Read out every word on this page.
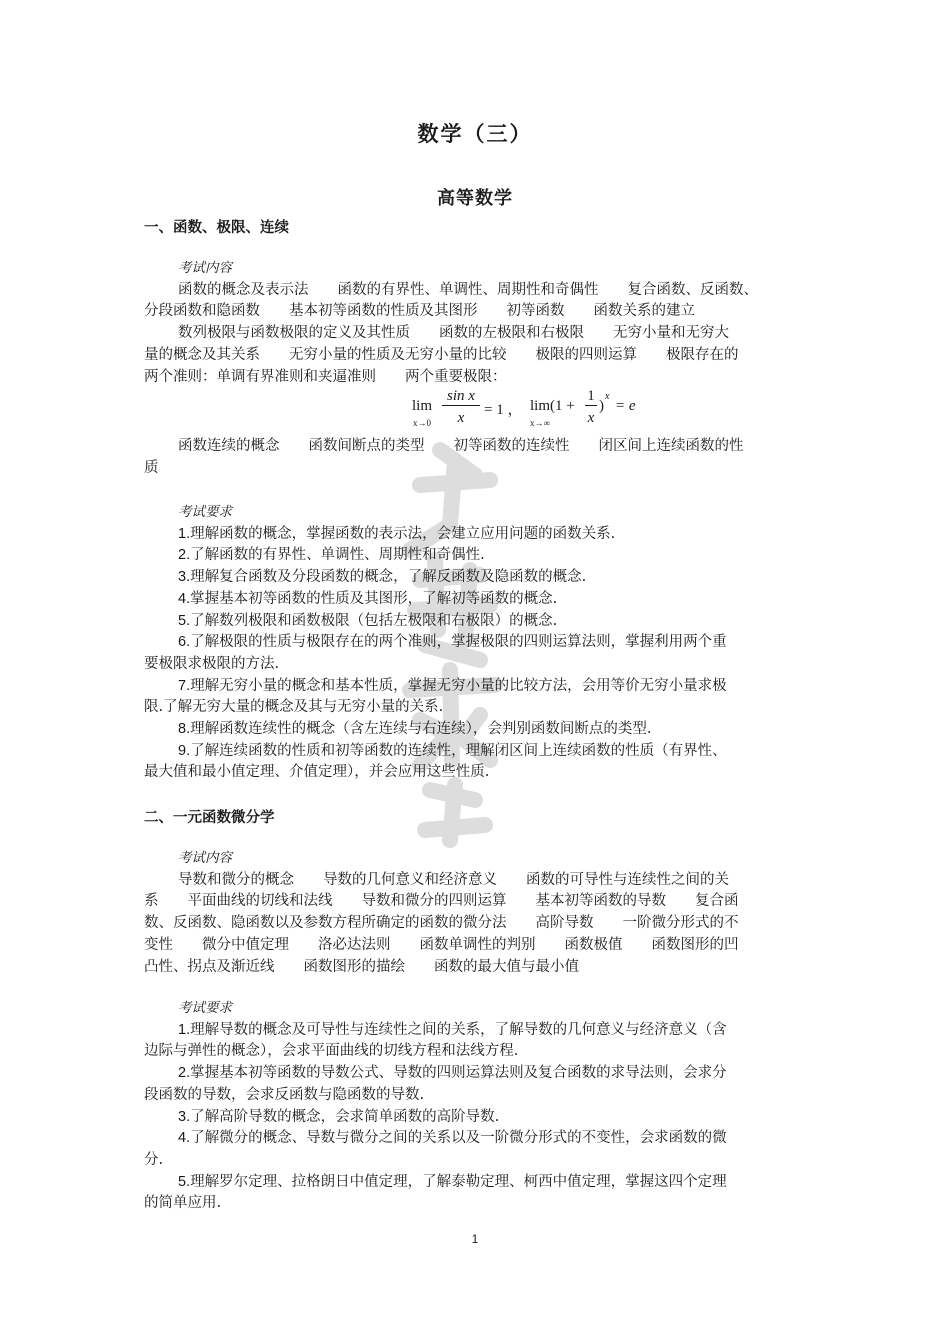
数学（三）
高等数学
一、函数、极限、连续

考试内容

函数的概念及表示法　　函数的有界性、单调性、周期性和奇偶性　　复合函数、反函数、

分段函数和隐函数　　基本初等函数的性质及其图形　　初等函数　　函数关系的建立

数列极限与函数极限的定义及其性质　　函数的左极限和右极限　　无穷小量和无穷大

量的概念及其关系　　无穷小量的性质及无穷小量的比较　　极限的四则运算　　极限存在的

两个准则：单调有界准则和夹逼准则　　两个重要极限：

lim
x→0
sin x
x	= 1 ， lim(1 +
x→∞
1
x
)
x
= e

函数连续的概念　　函数间断点的类型　　初等函数的连续性　　闭区间上连续函数的性

质

考试要求

1.理解函数的概念，掌握函数的表示法，会建立应用问题的函数关系.

2.了解函数的有界性、单调性、周期性和奇偶性.

3.理解复合函数及分段函数的概念，了解反函数及隐函数的概念.

4.掌握基本初等函数的性质及其图形，了解初等函数的概念.

5.了解数列极限和函数极限（包括左极限和右极限）的概念.

6.了解极限的性质与极限存在的两个准则，掌握极限的四则运算法则，掌握利用两个重

要极限求极限的方法.

7.理解无穷小量的概念和基本性质，掌握无穷小量的比较方法，会用等价无穷小量求极

限.了解无穷大量的概念及其与无穷小量的关系.

8.理解函数连续性的概念（含左连续与右连续），会判别函数间断点的类型.

9.了解连续函数的性质和初等函数的连续性，理解闭区间上连续函数的性质（有界性、

最大值和最小值定理、介值定理），并会应用这些性质.

二、一元函数微分学

考试内容

导数和微分的概念　　导数的几何意义和经济意义　　函数的可导性与连续性之间的关

系　　平面曲线的切线和法线　　导数和微分的四则运算　　基本初等函数的导数　　复合函

数、反函数、隐函数以及参数方程所确定的函数的微分法　　高阶导数　　一阶微分形式的不

变性　　微分中值定理　　洛必达法则　　函数单调性的判别　　函数极值　　函数图形的凹

凸性、拐点及渐近线　　函数图形的描绘　　函数的最大值与最小值

考试要求

1.理解导数的概念及可导性与连续性之间的关系，了解导数的几何意义与经济意义（含

边际与弹性的概念），会求平面曲线的切线方程和法线方程.

2.掌握基本初等函数的导数公式、导数的四则运算法则及复合函数的求导法则，会求分

段函数的导数，会求反函数与隐函数的导数.

3.了解高阶导数的概念，会求简单函数的高阶导数.

4.了解微分的概念、导数与微分之间的关系以及一阶微分形式的不变性，会求函数的微

分.

5.理解罗尔定理、拉格朗日中值定理，了解泰勒定理、柯西中值定理，掌握这四个定理

的简单应用.

1
